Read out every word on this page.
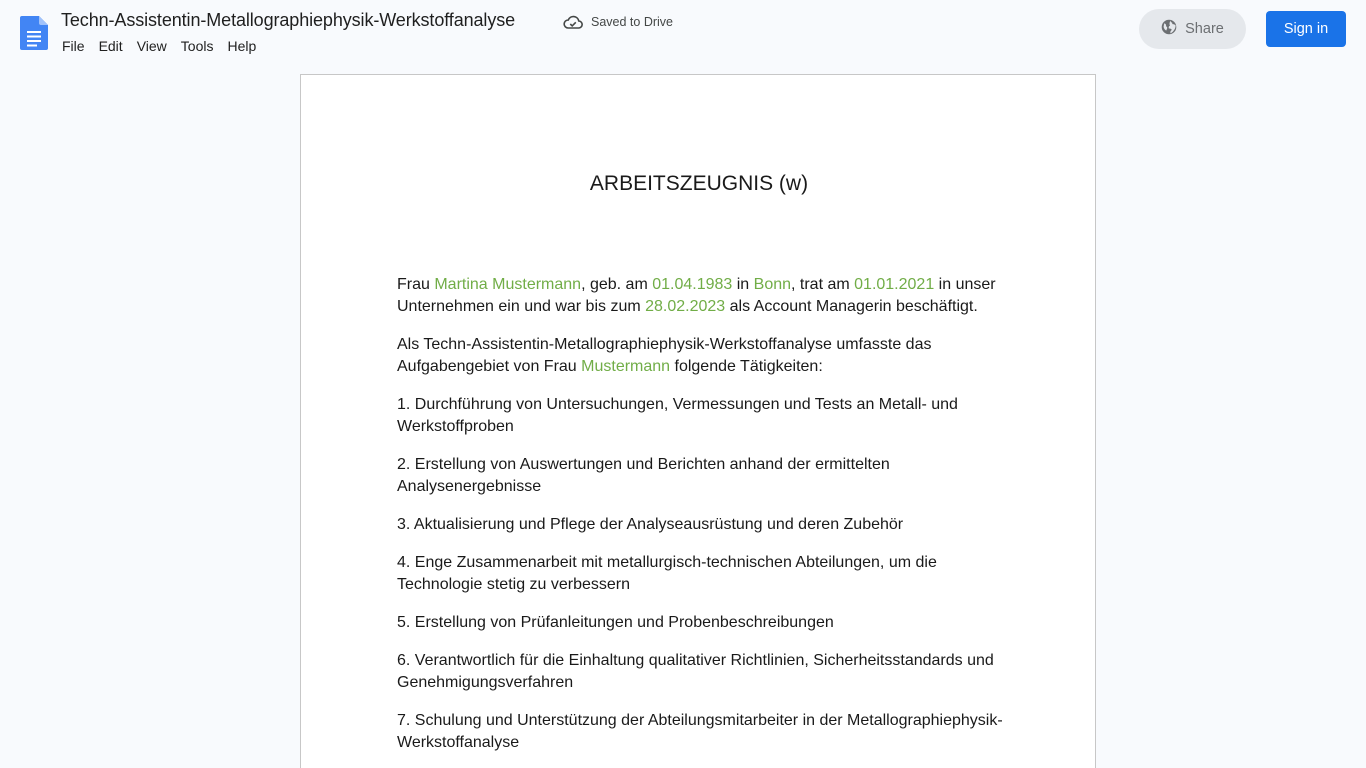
Techn-Assistentin-Metallographiephysik-Werkstoffanalyse	Saved to Drive
File	Edit	View	Tools	Help
Share	Sign in
ARBEITSZEUGNIS (w)

Frau Martina Mustermann, geb. am 01.04.1983 in Bonn, trat am 01.01.2021 in unser Unternehmen ein und war bis zum 28.02.2023 als Account Managerin beschäftigt.

Als Techn-Assistentin-Metallographiephysik-Werkstoffanalyse umfasste das Aufgabengebiet von Frau Mustermann folgende Tätigkeiten:

1. Durchführung von Untersuchungen, Vermessungen und Tests an Metall- und Werkstoffproben

2. Erstellung von Auswertungen und Berichten anhand der ermittelten Analysenergebnisse

3. Aktualisierung und Pflege der Analyseausrüstung und deren Zubehör

4. Enge Zusammenarbeit mit metallurgisch-technischen Abteilungen, um die Technologie stetig zu verbessern

5. Erstellung von Prüfanleitungen und Probenbeschreibungen

6. Verantwortlich für die Einhaltung qualitativer Richtlinien, Sicherheitsstandards und Genehmigungsverfahren

7. Schulung und Unterstützung der Abteilungsmitarbeiter in der Metallographiephysik-Werkstoffanalyse
